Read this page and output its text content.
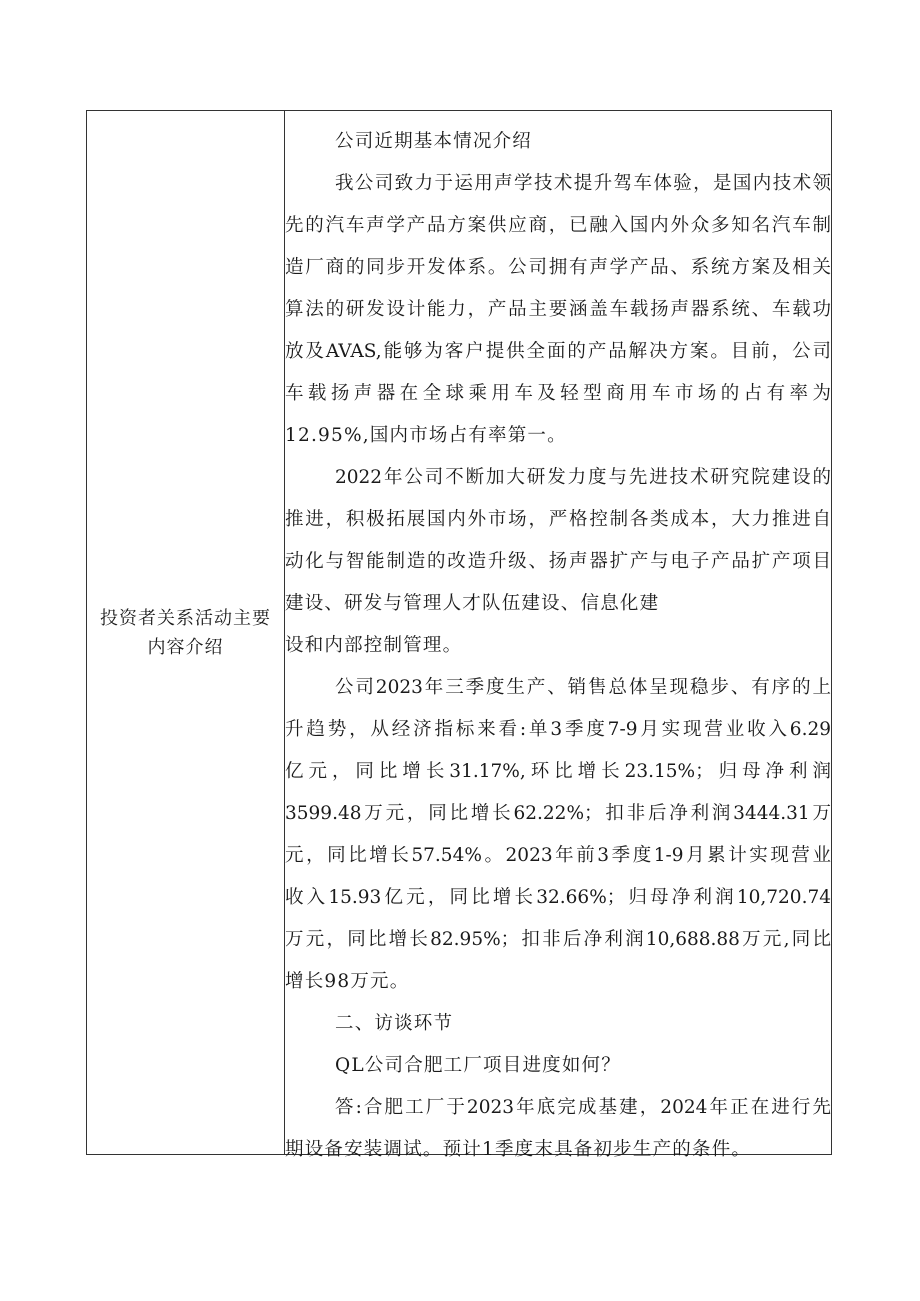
投资者关系活动主要
内容介绍
公司近期基本情况介绍
我公司致力于运用声学技术提升驾车体验，是国内技术领
先的汽车声学产品方案供应商，已融入国内外众多知名汽车制
造厂商的同步开发体系。公司拥有声学产品、系统方案及相关
算法的研发设计能力，产品主要涵盖车载扬声器系统、车载功
放及AVAS,能够为客户提供全面的产品解决方案。目前，公司
车载扬声器在全球乘用车及轻型商用车市场的占有率为
12.95%,国内市场占有率第一。
2022年公司不断加大研发力度与先进技术研究院建设的
推进，积极拓展国内外市场，严格控制各类成本，大力推进自
动化与智能制造的改造升级、扬声器扩产与电子产品扩产项目
建设、研发与管理人才队伍建设、信息化建
设和内部控制管理。
公司2023年三季度生产、销售总体呈现稳步、有序的上
升趋势，从经济指标来看:单3季度7-9月实现营业收入6.29
亿元，同比增长31.17%,环比增长23.15%；归母净利润
3599.48万元，同比增长62.22%；扣非后净利润3444.31万
元，同比增长57.54%。2023年前3季度1-9月累计实现营业
收入15.93亿元，同比增长32.66%；归母净利润10,720.74
万元，同比增长82.95%；扣非后净利润10,688.88万元,同比
增长98万元。
二、访谈环节
QL公司合肥工厂项目进度如何？
答:合肥工厂于2023年底完成基建，2024年正在进行先
期设备安装调试。预计1季度末具备初步生产的条件。
